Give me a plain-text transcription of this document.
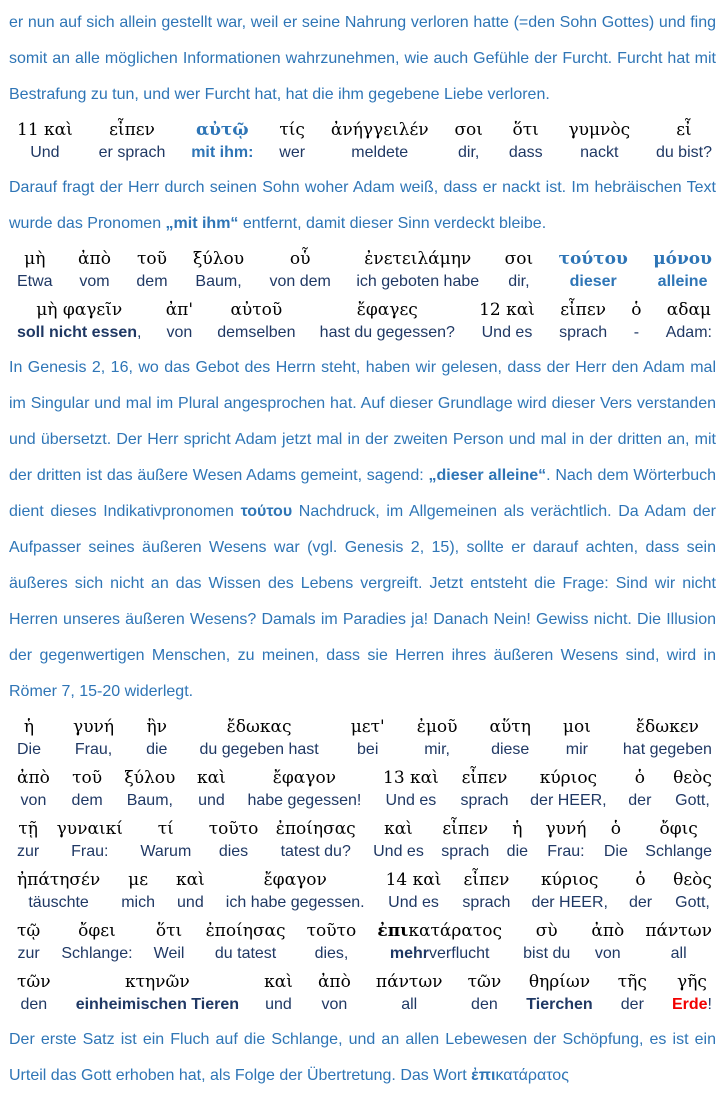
er nun auf sich allein gestellt war, weil er seine Nahrung verloren hatte (=den Sohn Gottes) und fing somit an alle möglichen Informationen wahrzunehmen, wie auch Gefühle der Furcht. Furcht hat mit Bestrafung zu tun, und wer Furcht hat, hat die ihm gegebene Liebe verloren.

11 καὶ
Und
εἶπεν
er sprach
αὐτῷ
mit ihm:
τίς
wer
ἀνήγγειλέν
meldete
σοι
dir,
ὅτι
dass
γυμνὸς
nackt
εἶ
du bist?

Darauf fragt der Herr durch seinen Sohn woher Adam weiß, dass er nackt ist. Im hebräischen Text wurde das Pronomen „mit ihm“ entfernt, damit dieser Sinn verdeckt bleibe.

μὴ
Etwa
ἀπὸ
vom
τοῦ
dem
ξύλου
Baum,
οὗ
von dem
ἐνετειλάμην
ich geboten habe
σοι
dir,
τούτου
dieser
μόνου
alleine
μὴ φαγεῖν
soll nicht essen,
ἀπ'
von
αὐτοῦ
demselben
ἔφαγες
hast du gegessen?
12 καὶ
Und es
εἶπεν
sprach
ὁ
-
αδαμ
Adam:

In Genesis 2, 16, wo das Gebot des Herrn steht, haben wir gelesen, dass der Herr den Adam mal im Singular und mal im Plural angesprochen hat. Auf dieser Grundlage wird dieser Vers verstanden und übersetzt. Der Herr spricht Adam jetzt mal in der zweiten Person und mal in der dritten an, mit der dritten ist das äußere Wesen Adams gemeint, sagend: „dieser alleine“. Nach dem Wörterbuch dient dieses Indikativpronomen τούτου Nachdruck, im Allgemeinen als verächtlich. Da Adam der Aufpasser seines äußeren Wesens war (vgl. Genesis 2, 15), sollte er darauf achten, dass sein äußeres sich nicht an das Wissen des Lebens vergreift. Jetzt entsteht die Frage: Sind wir nicht Herren unseres äußeren Wesens? Damals im Paradies ja! Danach Nein! Gewiss nicht. Die Illusion der gegenwertigen Menschen, zu meinen, dass sie Herren ihres äußeren Wesens sind, wird in Römer 7, 15-20 widerlegt.

ἡ
Die
γυνή
Frau,
ἣν
die
ἔδωκας
du gegeben hast
μετ'
bei
ἐμοῦ
mir,
αὕτη
diese
μοι
mir
ἔδωκεν
hat gegeben
ἀπὸ
von
τοῦ
dem
ξύλου
Baum,
καὶ
und
ἔφαγον
habe gegessen!
13 καὶ
Und es
εἶπεν
sprach
κύριος
der HEER,
ὁ
der
θεὸς
Gott,
τῇ
zur
γυναικί
Frau:
τί
Warum
τοῦτο
dies
ἐποίησας
tatest du?
καὶ
Und es
εἶπεν
sprach
ἡ
die
γυνή
Frau:
ὁ
Die
ὄφις
Schlange
ἠπάτησέν
täuschte
με
mich
καὶ
und
ἔφαγον
ich habe gegessen.
14 καὶ
Und es
εἶπεν
sprach
κύριος
der HEER,
ὁ
der
θεὸς
Gott,
τῷ
zur
ὄφει
Schlange:
ὅτι
Weil
ἐποίησας
du tatest
τοῦτο
dies,
ἐπικατάρατος
mehrverflucht
σὺ
bist du
ἀπὸ
von
πάντων
all
τῶν
den
κτηνῶν
einheimischen Tieren
καὶ
und
ἀπὸ
von
πάντων
all
τῶν
den
θηρίων
Tierchen
τῆς
der
γῆς
Erde!

Der erste Satz ist ein Fluch auf die Schlange, und an allen Lebewesen der Schöpfung, es ist ein Urteil das Gott erhoben hat, als Folge der Übertretung. Das Wort ἐπικατάρατος
